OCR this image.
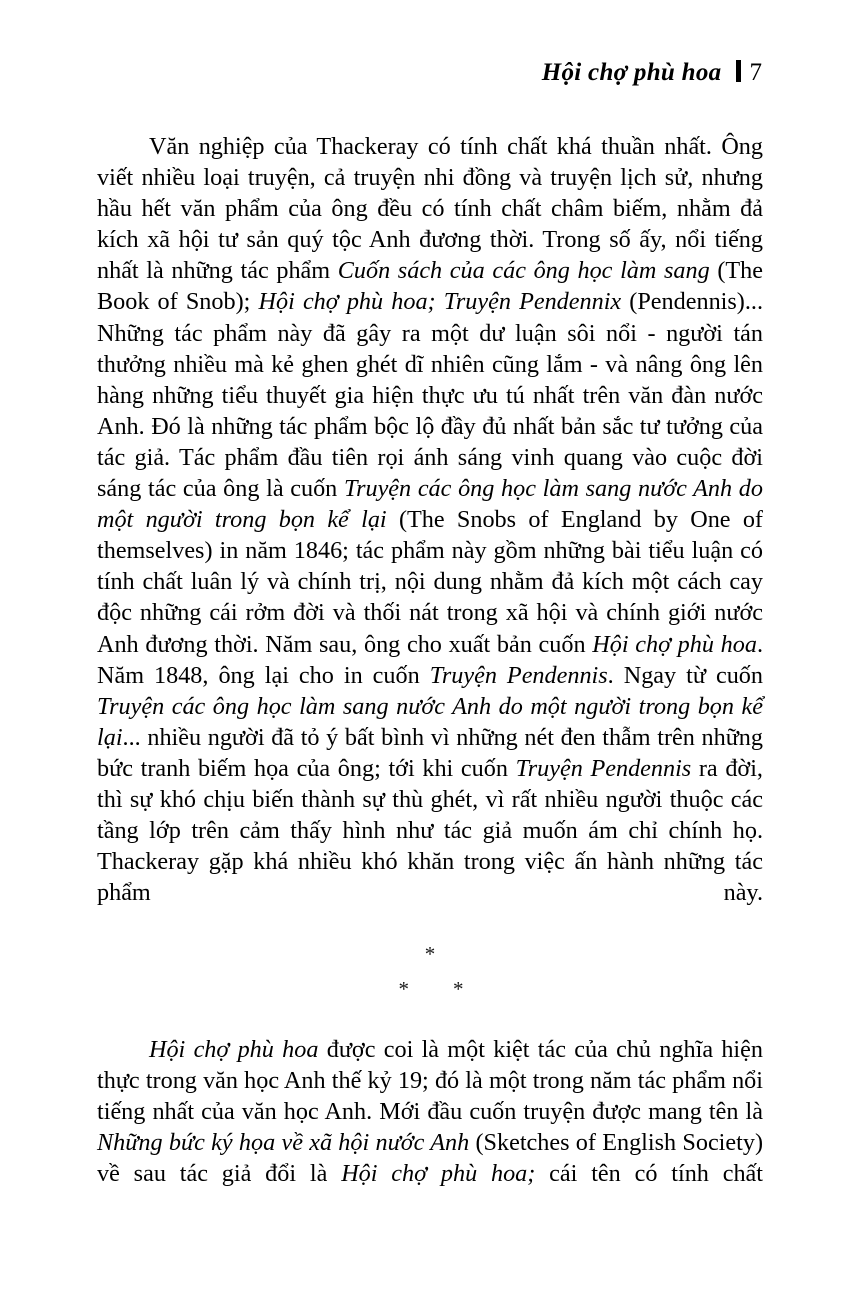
Hội chợ phù hoa 7

Văn nghiệp của Thackeray có tính chất khá thuần nhất. Ông viết nhiều loại truyện, cả truyện nhi đồng và truyện lịch sử, nhưng hầu hết văn phẩm của ông đều có tính chất châm biếm, nhằm đả kích xã hội tư sản quý tộc Anh đương thời. Trong số ấy, nổi tiếng nhất là những tác phẩm Cuốn sách của các ông học làm sang (The Book of Snob); Hội chợ phù hoa; Truyện Pendennix (Pendennis)... Những tác phẩm này đã gây ra một dư luận sôi nổi - người tán thưởng nhiều mà kẻ ghen ghét dĩ nhiên cũng lắm - và nâng ông lên hàng những tiểu thuyết gia hiện thực ưu tú nhất trên văn đàn nước Anh. Đó là những tác phẩm bộc lộ đầy đủ nhất bản sắc tư tưởng của tác giả. Tác phẩm đầu tiên rọi ánh sáng vinh quang vào cuộc đời sáng tác của ông là cuốn Truyện các ông học làm sang nước Anh do một người trong bọn kể lại (The Snobs of England by One of themselves) in năm 1846; tác phẩm này gồm những bài tiểu luận có tính chất luân lý và chính trị, nội dung nhằm đả kích một cách cay độc những cái rởm đời và thối nát trong xã hội và chính giới nước Anh đương thời. Năm sau, ông cho xuất bản cuốn Hội chợ phù hoa. Năm 1848, ông lại cho in cuốn Truyện Pendennis. Ngay từ cuốn Truyện các ông học làm sang nước Anh do một người trong bọn kể lại... nhiều người đã tỏ ý bất bình vì những nét đen thẫm trên những bức tranh biếm họa của ông; tới khi cuốn Truyện Pendennis ra đời, thì sự khó chịu biến thành sự thù ghét, vì rất nhiều người thuộc các tầng lớp trên cảm thấy hình như tác giả muốn ám chỉ chính họ. Thackeray gặp khá nhiều khó khăn trong việc ấn hành những tác phẩm này.

*
* *

Hội chợ phù hoa được coi là một kiệt tác của chủ nghĩa hiện thực trong văn học Anh thế kỷ 19; đó là một trong năm tác phẩm nổi tiếng nhất của văn học Anh. Mới đầu cuốn truyện được mang tên là Những bức ký họa về xã hội nước Anh (Sketches of English Society) về sau tác giả đổi là Hội chợ phù hoa; cái tên có tính chất
